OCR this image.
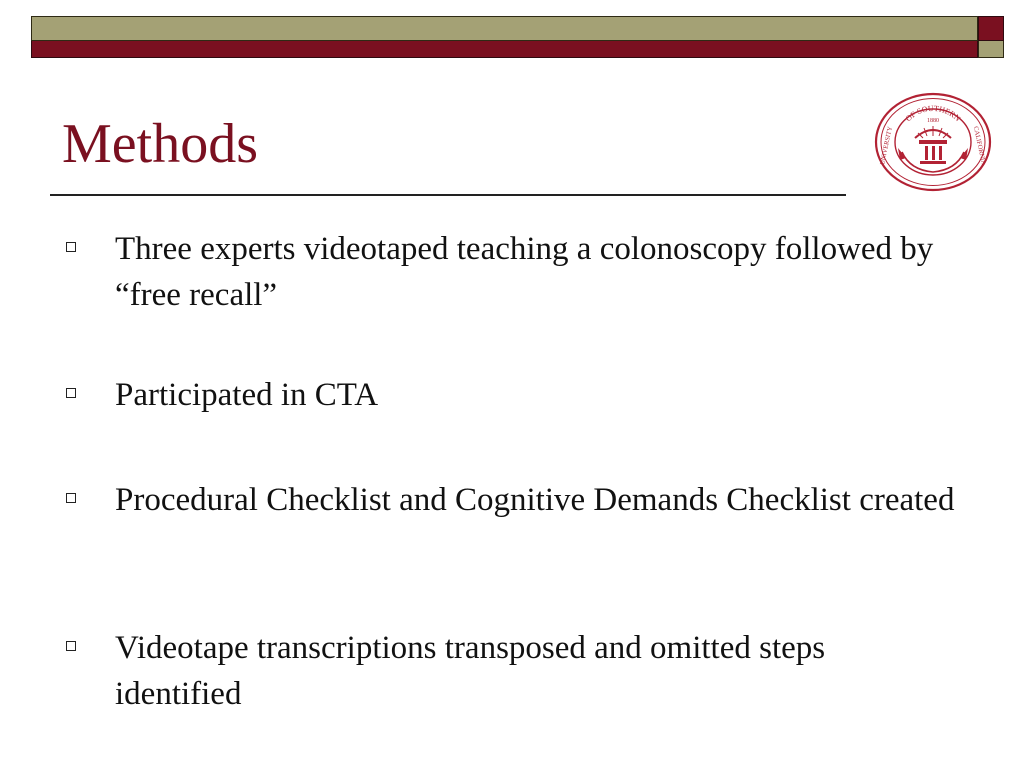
Methods	OF SOUTHERN
1880
UNIVERSITY	CALIFORNIA
Three experts videotaped teaching a colonoscopy followed by “free recall”
Participated in CTA
Procedural Checklist and Cognitive Demands Checklist created
Videotape transcriptions transposed and omitted steps identified
